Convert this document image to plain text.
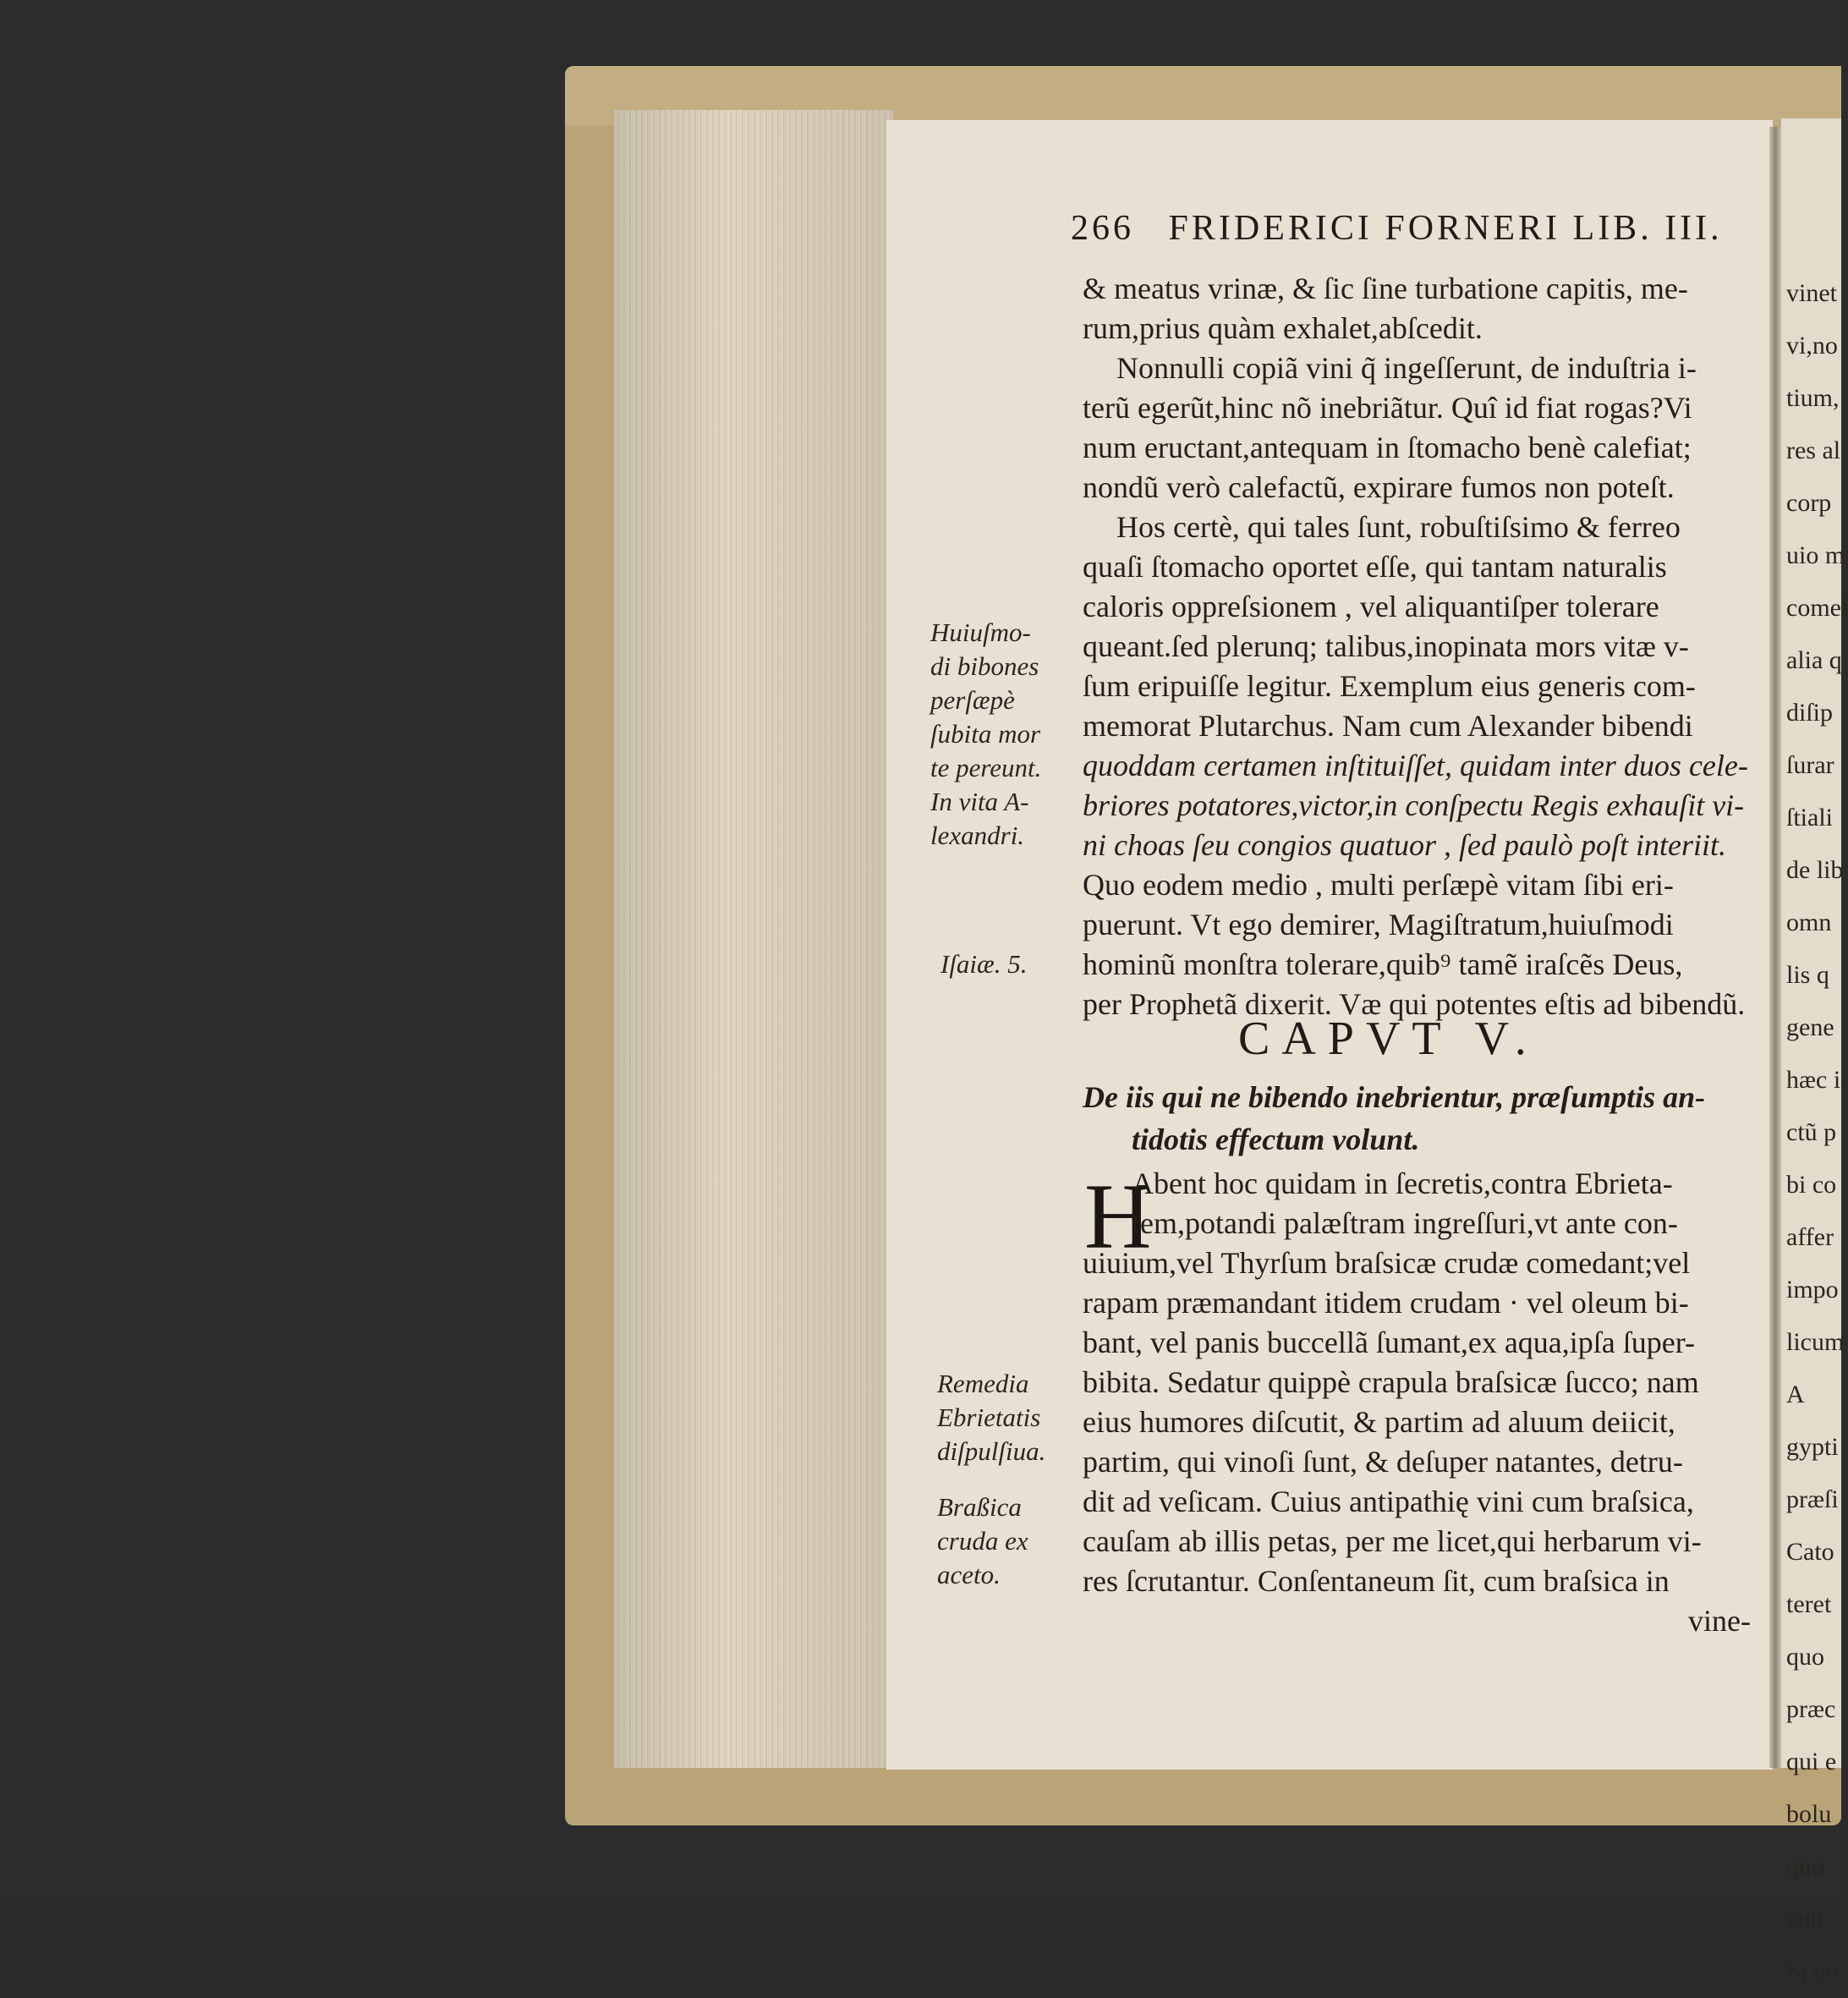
vinet
vi,no
tium,
res al
corp
uio m
comeſ
alia q
diſip
ſurar
ſtiali
de lib
omn
lis q
gene
hæc i
ctũ p
bi co
affer
impo
licum
A
gypti
præſi
Cato
teret
quo
præc
qui e
bolu
quo
enſi
Si co
266 FRIDERICI FORNERI LIB. III.
& meatus vrinæ, & ſic ſine turbatione capitis, me-
rum,prius quàm exhalet,abſcedit.
Nonnulli copiã vini q̃ ingeſſerunt, de induſtria i-
terũ egerũt,hinc nõ inebriãtur. Quî id fiat rogas?Vi
num eructant,antequam in ſtomacho benè calefiat;
nondũ verò calefactũ, expirare fumos non poteſt.
Hos certè, qui tales ſunt, robuſtiſsimo & ferreo
quaſi ſtomacho oportet eſſe, qui tantam naturalis
caloris oppreſsionem , vel aliquantiſper tolerare
queant.ſed plerunq; talibus,inopinata mors vitæ v-
ſum eripuiſſe legitur. Exemplum eius generis com-
memorat Plutarchus. Nam cum Alexander bibendi
quoddam certamen inſtituiſſet, quidam inter duos cele-
briores potatores,victor,in conſpectu Regis exhauſit vi-
ni choas ſeu congios quatuor , ſed paulò poſt interiit.
Quo eodem medio , multi perſæpè vitam ſibi eri-
puerunt. Vt ego demirer, Magiſtratum,huiuſmodi
hominũ monſtra tolerare,quib⁹ tamẽ iraſcẽs Deus,
per Prophetã dixerit. Væ qui potentes eſtis ad bibendũ.
CAPVT V.
De iis qui ne bibendo inebrientur, præſumptis an-
tidotis effectum volunt.
H
Abent hoc quidam in ſecretis,contra Ebrieta-
tem,potandi palæſtram ingreſſuri,vt ante con-
uiuium,vel Thyrſum braſsicæ crudæ comedant;vel
rapam præmandant itidem crudam · vel oleum bi-
bant, vel panis buccellã ſumant,ex aqua,ipſa ſuper-
bibita. Sedatur quippè crapula braſsicæ ſucco; nam
eius humores diſcutit, & partim ad aluum deiicit,
partim, qui vinoſi ſunt, & deſuper natantes, detru-
dit ad veſicam. Cuius antipathię vini cum braſsica,
cauſam ab illis petas, per me licet,qui herbarum vi-
res ſcrutantur. Conſentaneum ſit, cum braſsica in
vine-
Huiuſmo-
di bibones
perſæpè
ſubita mor
te pereunt.
In vita A-
lexandri.
Iſaiæ. 5.
Remedia
Ebrietatis
diſpulſiua.
Braßica
cruda ex
aceto.
